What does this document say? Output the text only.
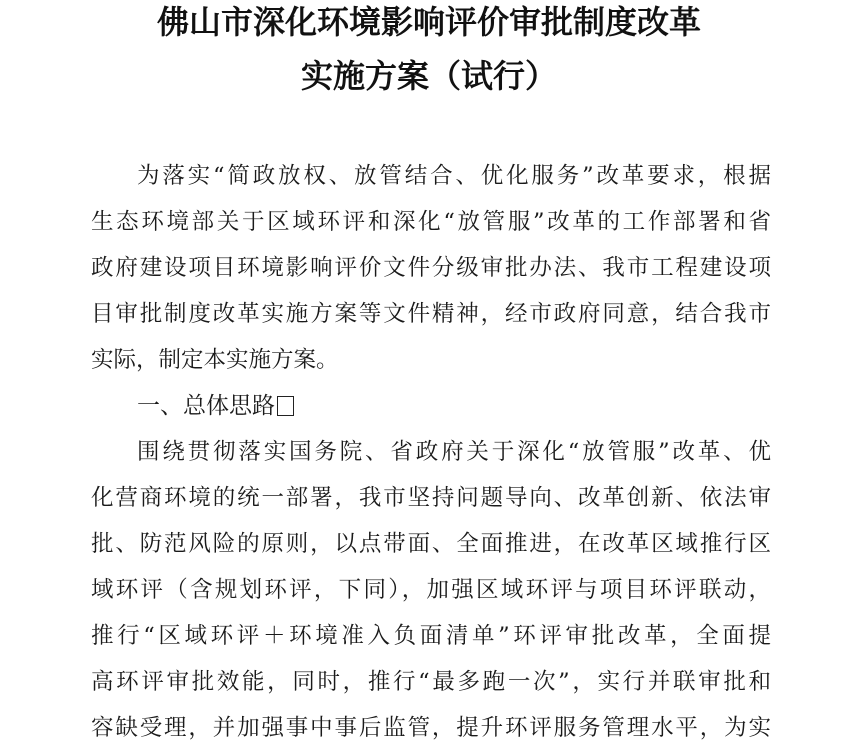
佛山市深化环境影响评价审批制度改革
实施方案（试行）
为落实“简政放权、放管结合、优化服务”改革要求，根据
生态环境部关于区域环评和深化“放管服”改革的工作部署和省
政府建设项目环境影响评价文件分级审批办法、我市工程建设项
目审批制度改革实施方案等文件精神，经市政府同意，结合我市
实际，制定本实施方案。
一、总体思路
围绕贯彻落实国务院、省政府关于深化“放管服”改革、优
化营商环境的统一部署，我市坚持问题导向、改革创新、依法审
批、防范风险的原则，以点带面、全面推进，在改革区域推行区
域环评（含规划环评，下同），加强区域环评与项目环评联动，
推行“区域环评＋环境准入负面清单”环评审批改革，全面提
高环评审批效能，同时，推行“最多跑一次”，实行并联审批和
容缺受理，并加强事中事后监管，提升环评服务管理水平，为实
